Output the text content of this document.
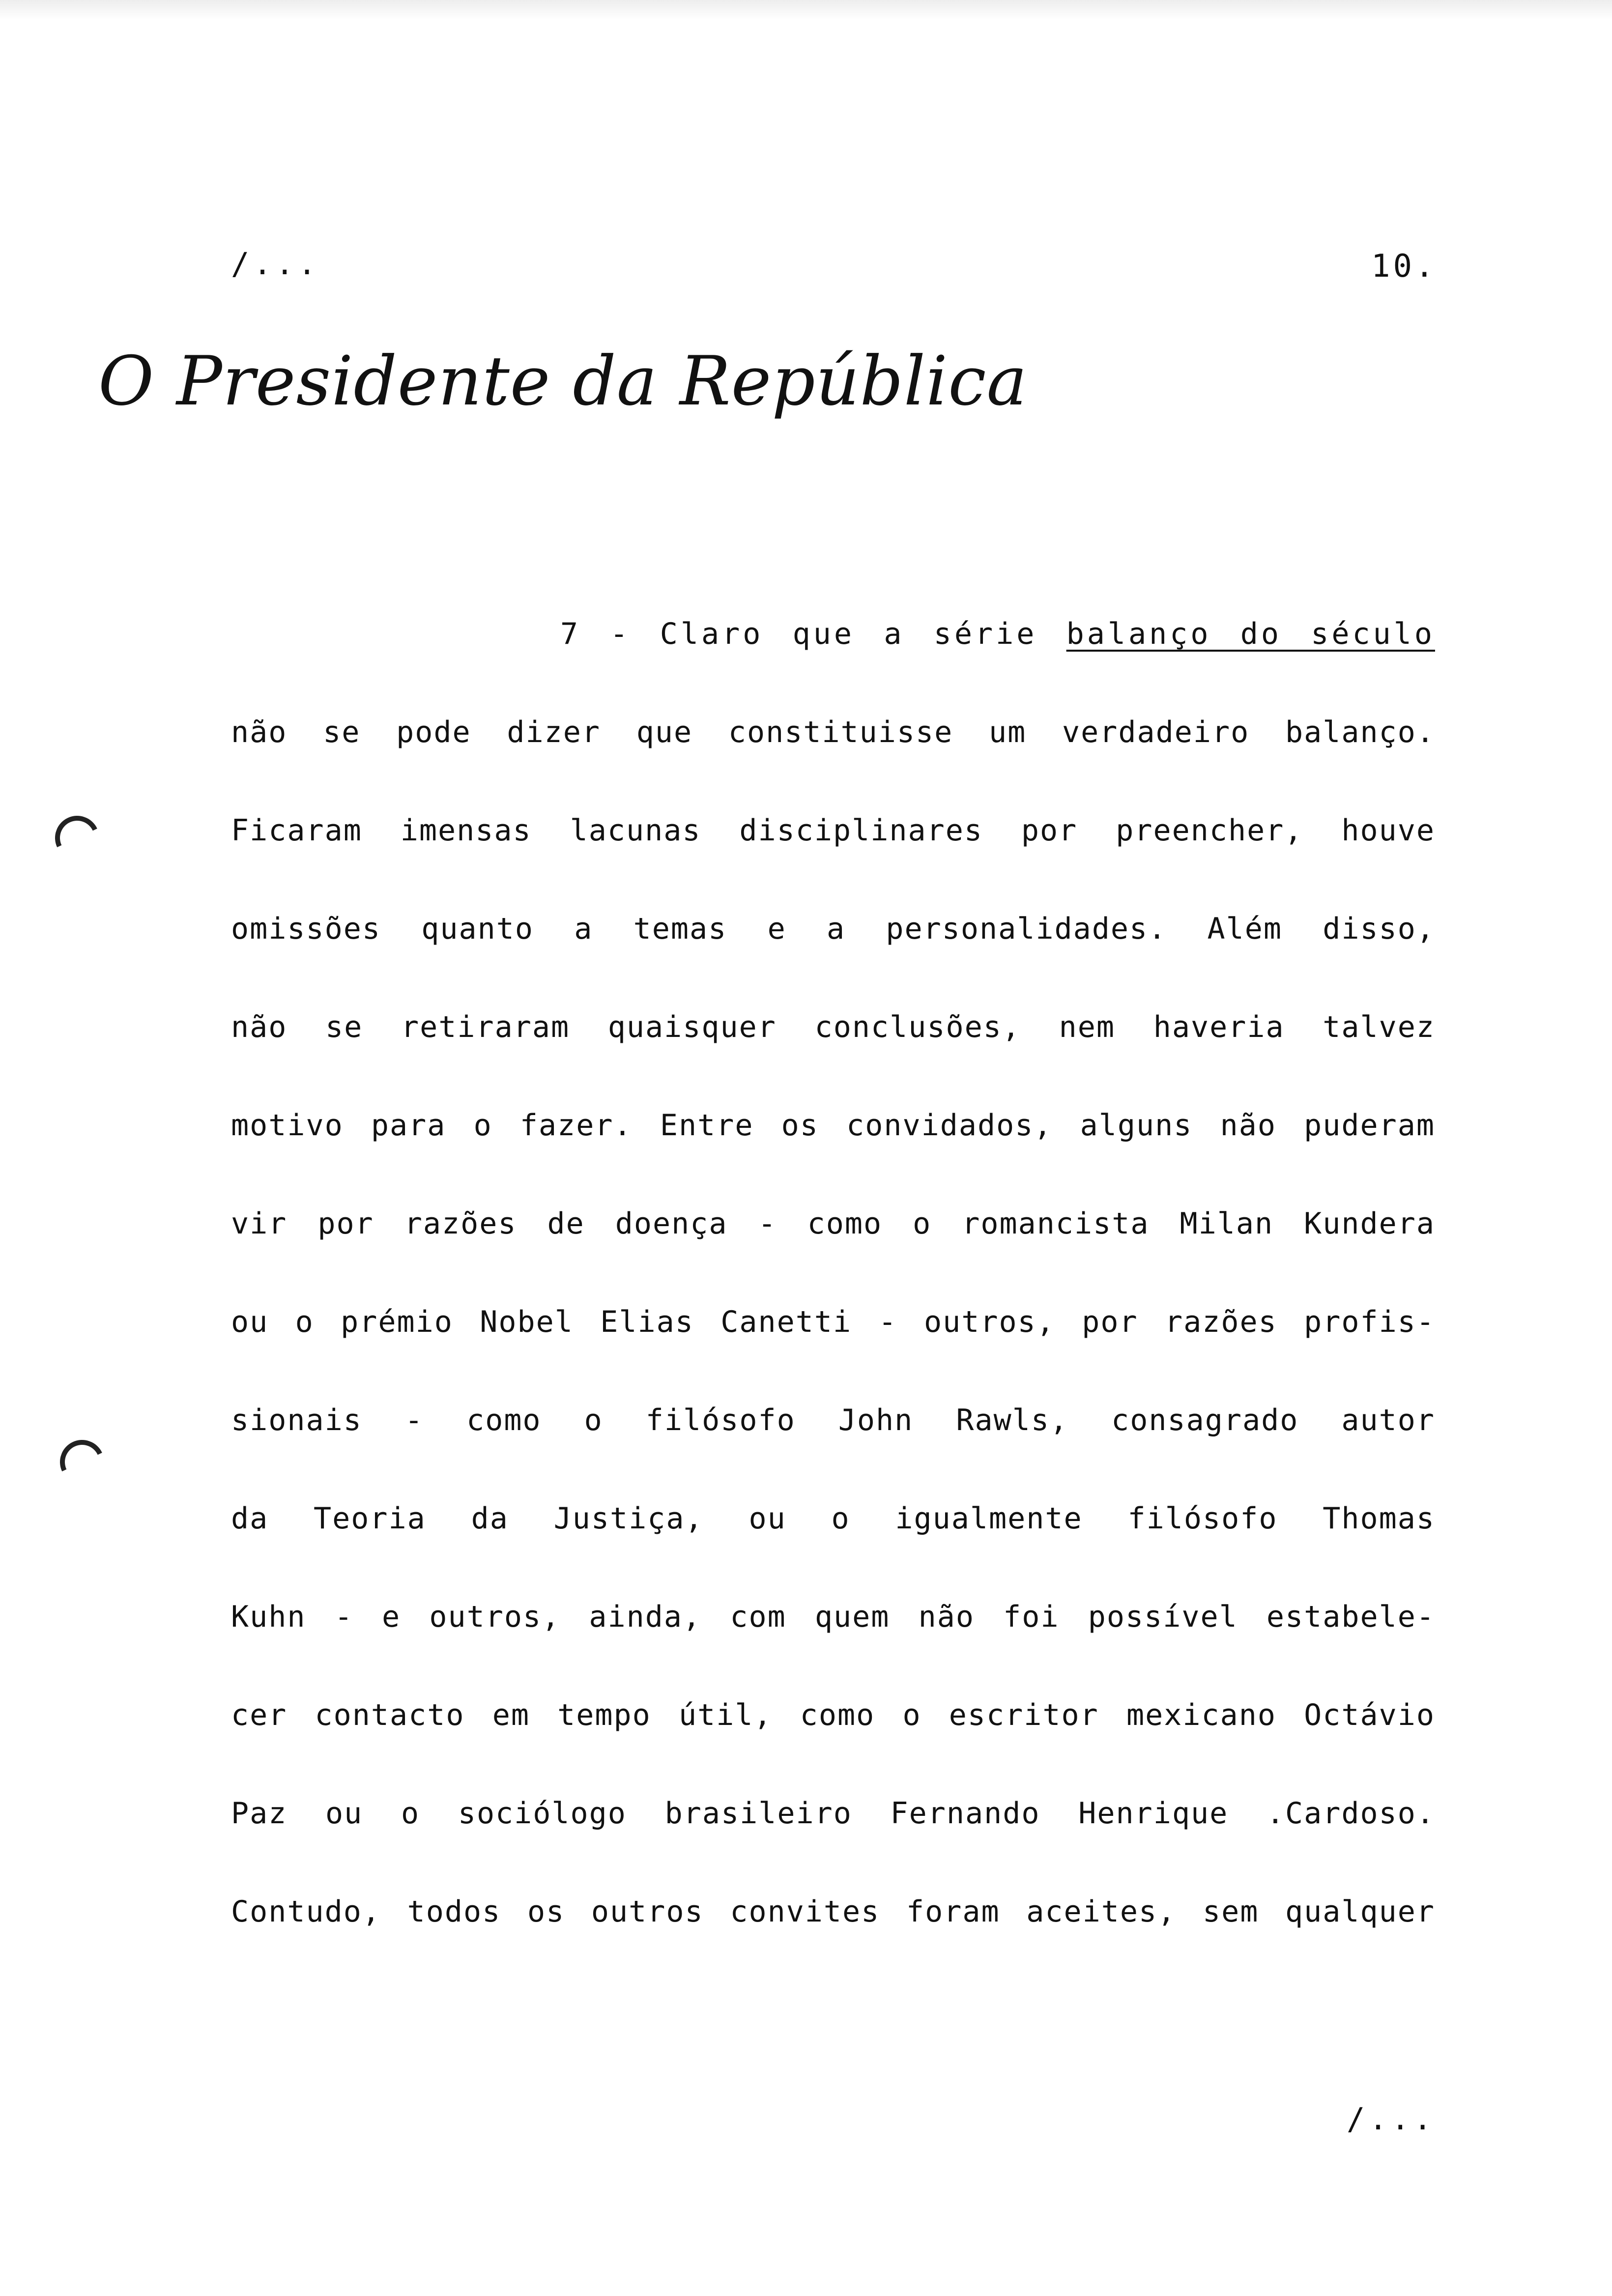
/...	10.
O Presidente da República
7 - Claro que a série balanço do século
não se pode dizer que constituisse um verdadeiro balanço.
Ficaram imensas lacunas disciplinares por preencher, houve
omissões quanto a temas e a personalidades. Além disso,
não se retiraram quaisquer conclusões, nem haveria talvez
motivo para o fazer. Entre os convidados, alguns não puderam
vir por razões de doença - como o romancista Milan Kundera
ou o prémio Nobel Elias Canetti - outros, por razões profis-
sionais - como o filósofo John Rawls, consagrado autor
da Teoria da Justiça, ou o igualmente filósofo Thomas
Kuhn - e outros, ainda, com quem não foi possível estabele-
cer contacto em tempo útil, como o escritor mexicano Octávio
Paz ou o sociólogo brasileiro Fernando Henrique .Cardoso.
Contudo, todos os outros convites foram aceites, sem qualquer
/...
